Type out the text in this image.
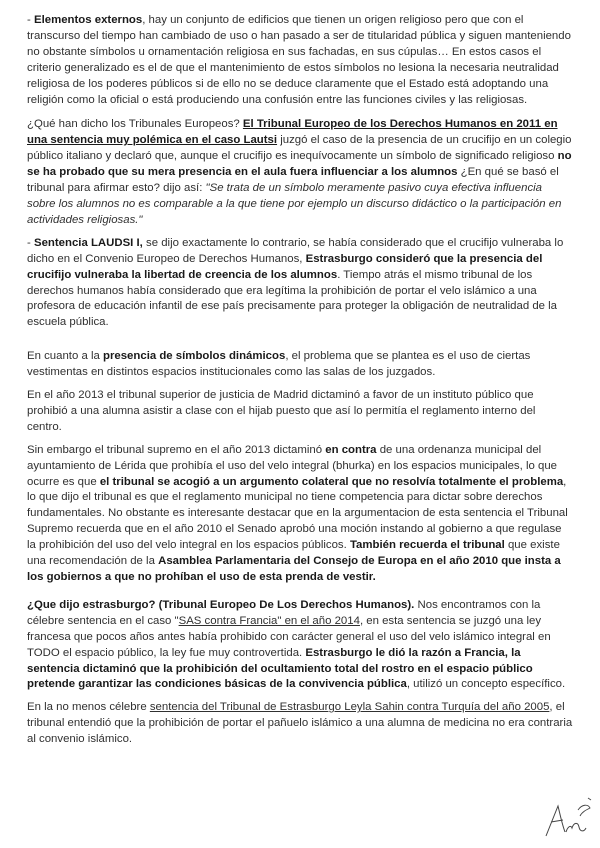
- Elementos externos, hay un conjunto de edificios que tienen un origen religioso pero que con el transcurso del tiempo han cambiado de uso o han pasado a ser de titularidad pública y siguen manteniendo no obstante símbolos u ornamentación religiosa en sus fachadas, en sus cúpulas… En estos casos el criterio generalizado es el de que el mantenimiento de estos símbolos no lesiona la necesaria neutralidad religiosa de los poderes públicos si de ello no se deduce claramente que el Estado está adoptando una religión como la oficial o está produciendo una confusión entre las funciones civiles y las religiosas.

¿Qué han dicho los Tribunales Europeos? El Tribunal Europeo de los Derechos Humanos en 2011 en una sentencia muy polémica en el caso Lautsi juzgó el caso de la presencia de un crucifijo en un colegio público italiano y declaró que, aunque el crucifijo es inequívocamente un símbolo de significado religioso no se ha probado que su mera presencia en el aula fuera influenciar a los alumnos ¿En qué se basó el tribunal para afirmar esto? dijo así: "Se trata de un símbolo meramente pasivo cuya efectiva influencia sobre los alumnos no es comparable a la que tiene por ejemplo un discurso didáctico o la participación en actividades religiosas."

- Sentencia LAUDSI I, se dijo exactamente lo contrario, se había considerado que el crucifijo vulneraba lo dicho en el Convenio Europeo de Derechos Humanos, Estrasburgo consideró que la presencia del crucifijo vulneraba la libertad de creencia de los alumnos. Tiempo atrás el mismo tribunal de los derechos humanos había considerado que era legítima la prohibición de portar el velo islámico a una profesora de educación infantil de ese país precisamente para proteger la obligación de neutralidad de la escuela pública.

En cuanto a la presencia de símbolos dinámicos, el problema que se plantea es el uso de ciertas vestimentas en distintos espacios institucionales como las salas de los juzgados.

En el año 2013 el tribunal superior de justicia de Madrid dictaminó a favor de un instituto público que prohibió a una alumna asistir a clase con el hijab puesto que así lo permitía el reglamento interno del centro.

Sin embargo el tribunal supremo en el año 2013 dictaminó en contra de una ordenanza municipal del ayuntamiento de Lérida que prohibía el uso del velo integral (bhurka) en los espacios municipales, lo que ocurre es que el tribunal se acogió a un argumento colateral que no resolvía totalmente el problema, lo que dijo el tribunal es que el reglamento municipal no tiene competencia para dictar sobre derechos fundamentales. No obstante es interesante destacar que en la argumentacion de esta sentencia el Tribunal Supremo recuerda que en el año 2010 el Senado aprobó una moción instando al gobierno a que regulase la prohibición del uso del velo integral en los espacios públicos. También recuerda el tribunal que existe una recomendación de la Asamblea Parlamentaria del Consejo de Europa en el año 2010 que insta a los gobiernos a que no prohíban el uso de esta prenda de vestir.

¿Que dijo estrasburgo? (Tribunal Europeo De Los Derechos Humanos). Nos encontramos con la célebre sentencia en el caso "SAS contra Francia" en el año 2014, en esta sentencia se juzgó una ley francesa que pocos años antes había prohibido con carácter general el uso del velo islámico integral en TODO el espacio público, la ley fue muy controvertida. Estrasburgo le dió la razón a Francia, la sentencia dictaminó que la prohibición del ocultamiento total del rostro en el espacio público pretende garantizar las condiciones básicas de la convivencia pública, utilizó un concepto específico.

En la no menos célebre sentencia del Tribunal de Estrasburgo Leyla Sahin contra Turquía del año 2005, el tribunal entendió que la prohibición de portar el pañuelo islámico a una alumna de medicina no era contraria al convenio islámico.
